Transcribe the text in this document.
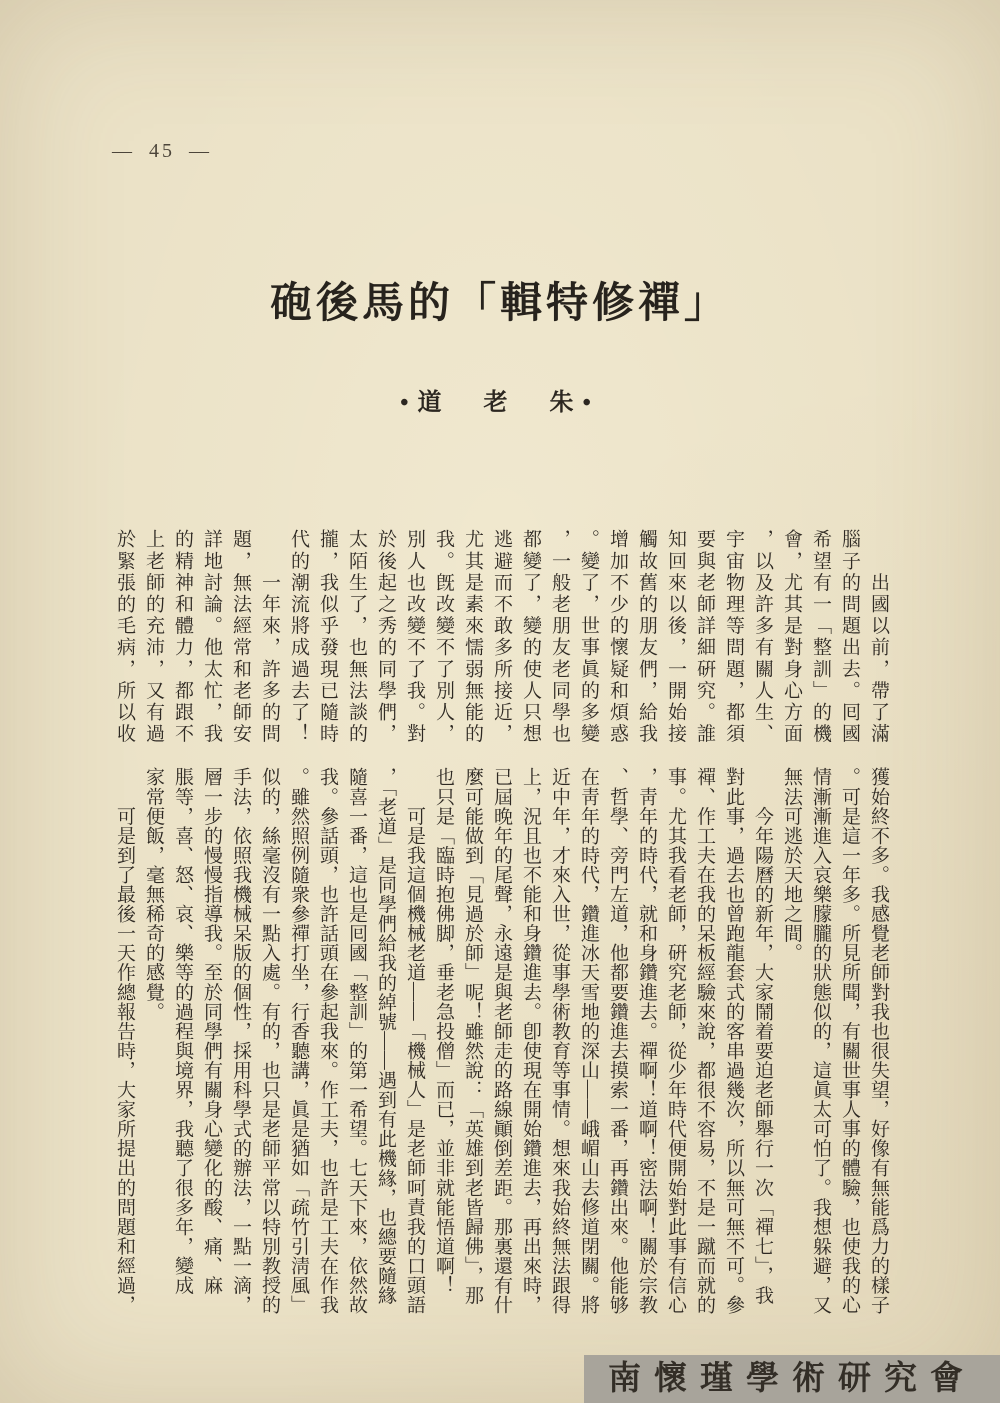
— 45 —
砲後馬的「輯特修禪」
•道　老　朱•
　　出國以前，帶了滿
腦子的問題出去。囘國
希望有一「整訓」的機
會，尤其是對身心方面
，以及許多有關人生、
宇宙物理等問題，都須
要與老師詳細硏究。誰
知回來以後，一開始接
觸故舊的朋友們，給我
增加不少的懷疑和煩惑
。變了，世事眞的多變
，一般老朋友老同學也
都變了，變的使人只想
逃避而不敢多所接近，
尤其是素來懦弱無能的
我。旣改變不了別人，
別人也改變不了我。對
於後起之秀的同學們，
太陌生了，也無法談的
攏，我似乎發現已隨時
代的潮流將成過去了！
　　一年來，許多的問
題，無法經常和老師安
詳地討論。他太忙，我
的精神和體力，都跟不
上老師的充沛，又有過
於緊張的毛病，所以收
獲始終不多。我感覺老師對我也很失望，好像有無能爲力的樣子
。可是這一年多。所見所聞，有關世事人事的體驗，也使我的心
情漸漸進入哀樂朦朧的狀態似的，這眞太可怕了。我想躲避，又
無法可逃於天地之間。
　　今年陽曆的新年，大家鬧着要迫老師舉行一次「禪七」，我
對此事，過去也曾跑龍套式的客串過幾次，所以無可無不可。參
禪、作工夫在我的呆板經驗來說，都很不容易，不是一蹴而就的
事。尤其我看老師，硏究老師，從少年時代便開始對此事有信心
，靑年的時代，就和身鑽進去。禪啊！道啊！密法啊！關於宗教
、哲學、旁門左道，他都要鑽進去摸索一番，再鑽出來。他能够
在靑年的時代，鑽進冰天雪地的深山——峨嵋山去修道閉關。將
近中年，才來入世，從事學術教育等事情。想來我始終無法跟得
上，況且也不能和身鑽進去。卽使現在開始鑽進去，再出來時，
已屆晚年的尾聲，永遠是與老師走的路線顚倒差距。那裏還有什
麼可能做到「見過於師」呢！雖然說：「英雄到老皆歸佛」，那
也只是「臨時抱佛脚，垂老急投僧」而已，並非就能悟道啊！
　　可是我這個機械老道——「機械人」是老師呵責我的口頭語
，「老道」是同學們給我的綽號——遇到有此機緣，也總要隨緣
隨喜一番，這也是囘國「整訓」的第一希望。七天下來，依然故
我。參話頭，也許話頭在參起我來。作工夫，也許是工夫在作我
。雖然照例隨衆參禪打坐，行香聽講，眞是猶如「疏竹引淸風」
似的，絲毫沒有一點入處。有的，也只是老師平常以特別教授的
手法，依照我機械呆版的個性，採用科學式的辦法，一點一滴，
層一步的慢慢指導我。至於同學們有關身心變化的酸、痛、麻
脹等，喜、怒、哀、樂等的過程與境界，我聽了很多年，變成
家常便飯，毫無稀奇的感覺。
　　可是到了最後一天作總報告時，大家所提出的問題和經過，
南懷瑾學術研究會
